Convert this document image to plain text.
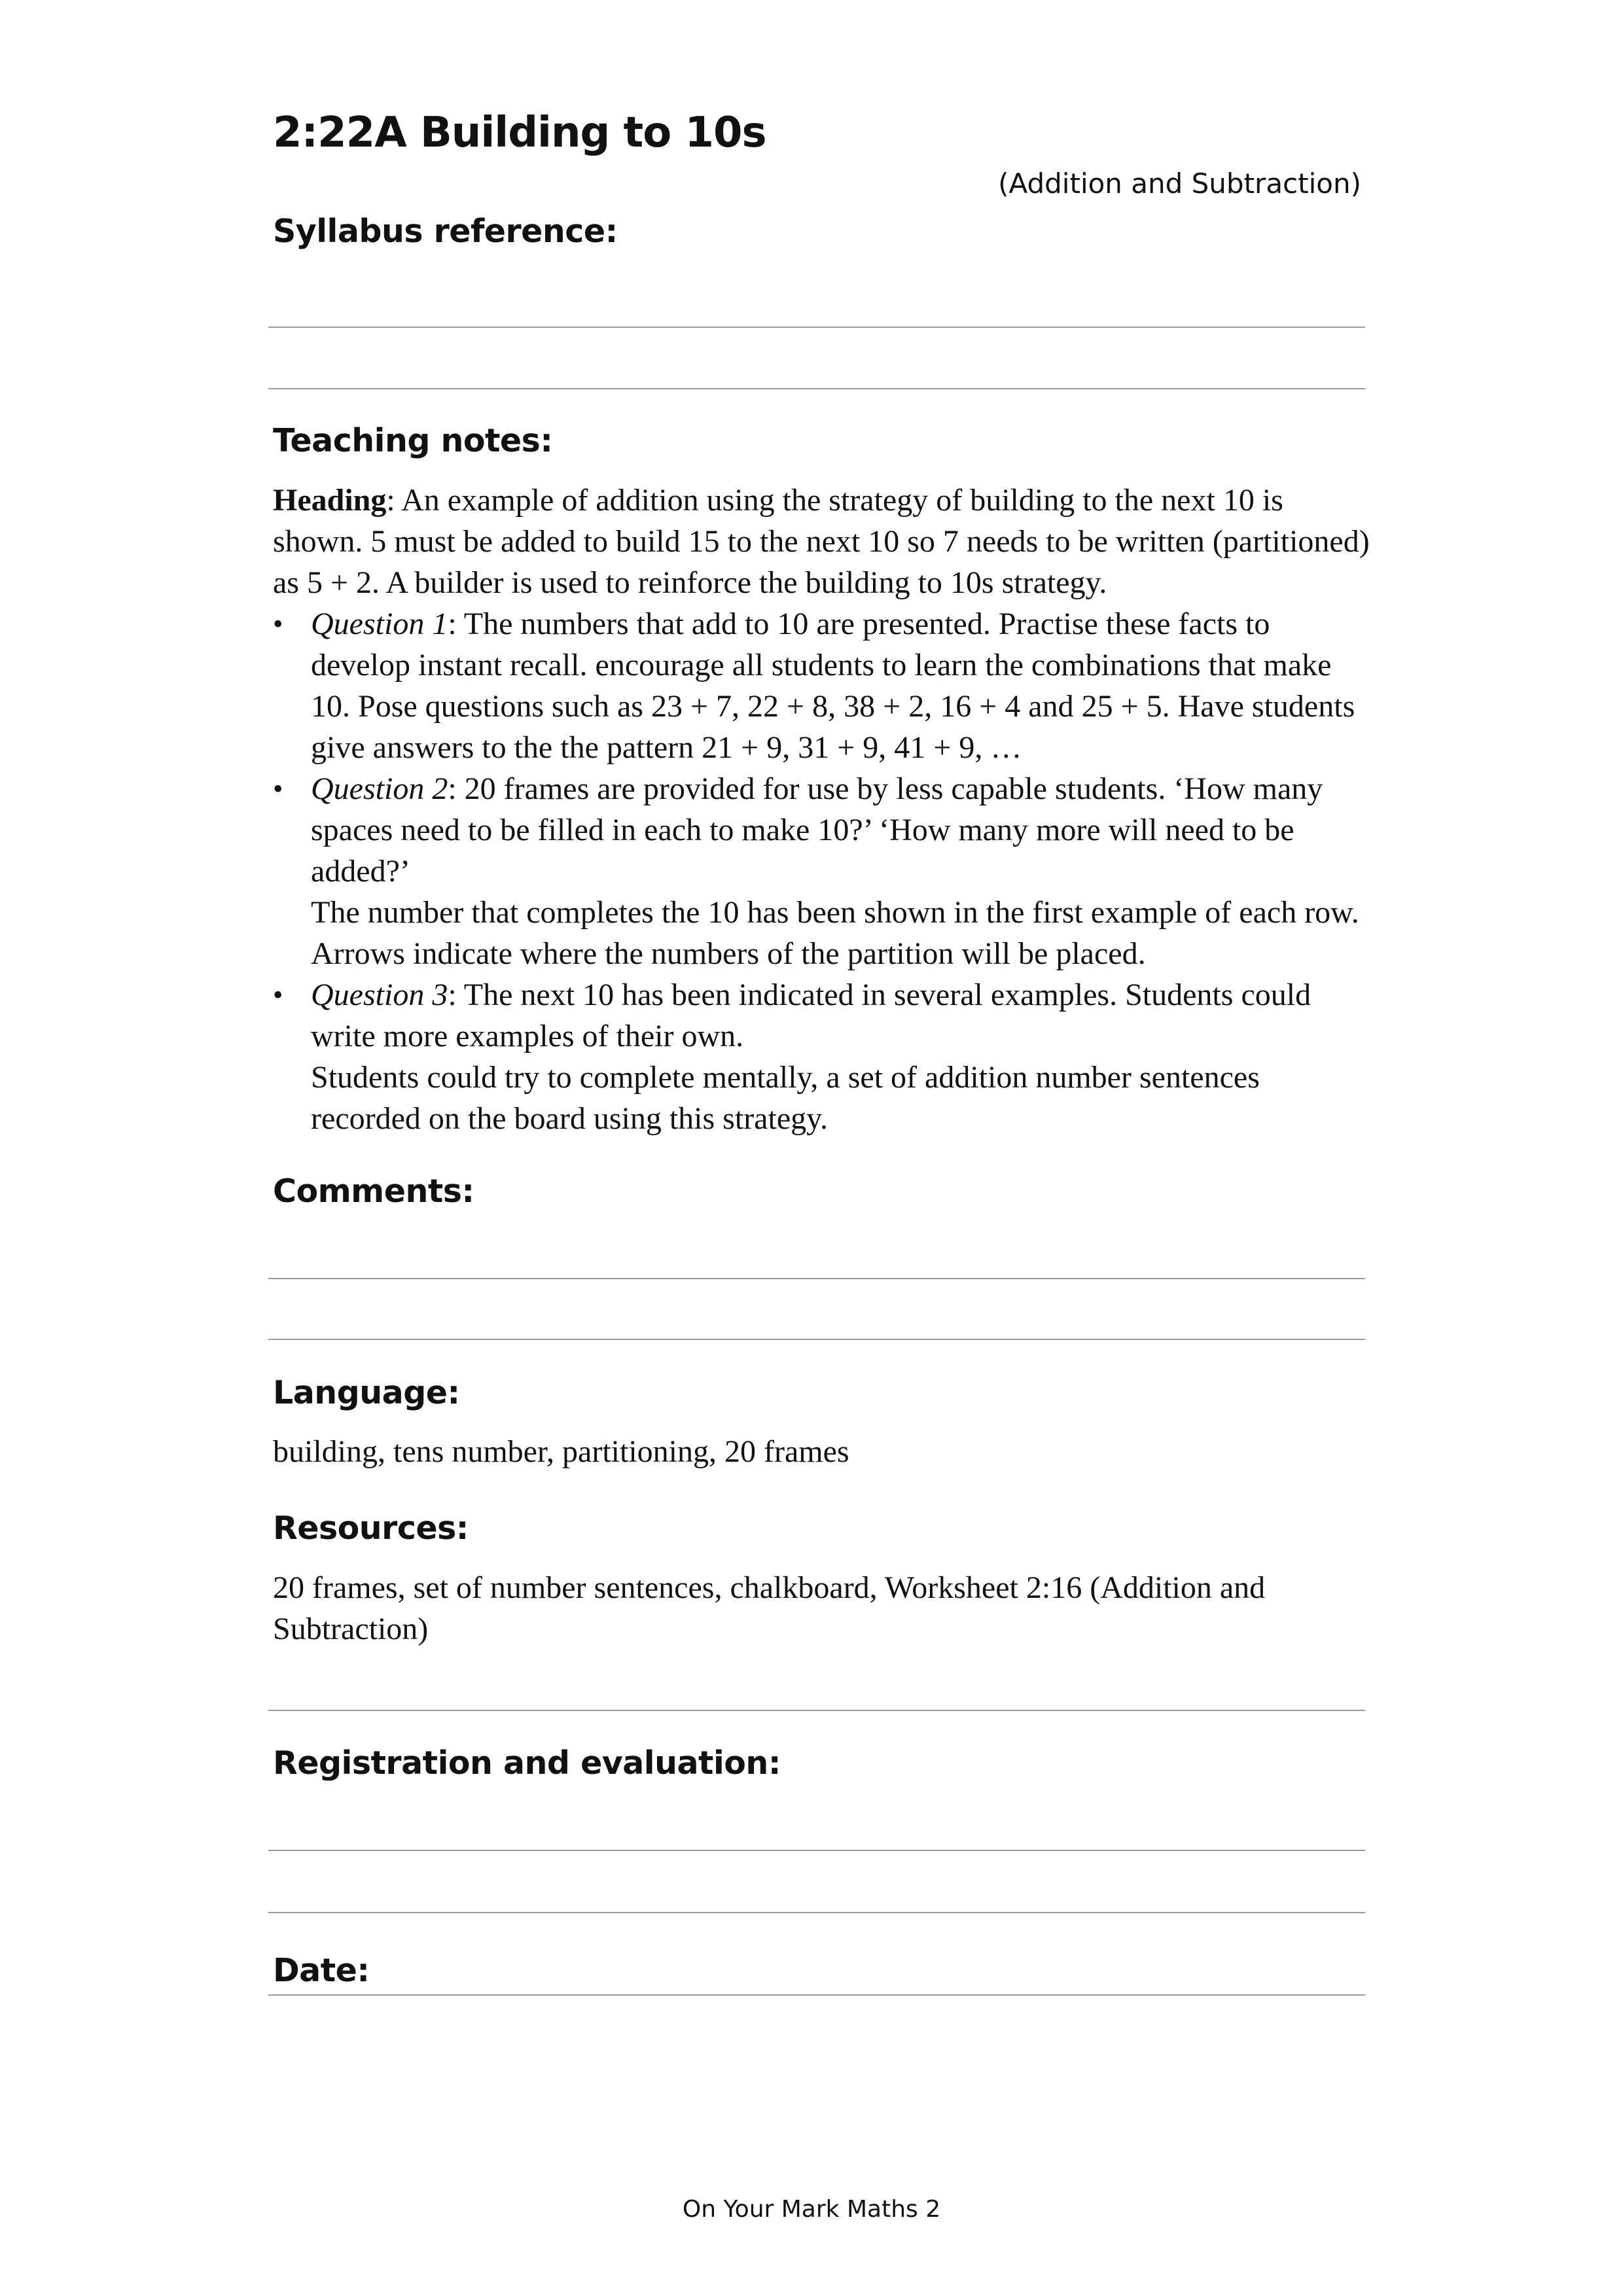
2:22A Building to 10s
(Addition and Subtraction)
Syllabus reference:
Teaching notes:

Heading: An example of addition using the strategy of building to the next 10 is shown. 5 must be added to build 15 to the next 10 so 7 needs to be written (partitioned) as 5 + 2. A builder is used to reinforce the building to 10s strategy.

• Question 1: The numbers that add to 10 are presented. Practise these facts to develop instant recall. encourage all students to learn the combinations that make 10. Pose questions such as 23 + 7, 22 + 8, 38 + 2, 16 + 4 and 25 + 5. Have students give answers to the the pattern 21 + 9, 31 + 9, 41 + 9, …

• Question 2: 20 frames are provided for use by less capable students. ‘How many spaces need to be filled in each to make 10?’ ‘How many more will need to be added?’

The number that completes the 10 has been shown in the first example of each row. Arrows indicate where the numbers of the partition will be placed.

• Question 3: The next 10 has been indicated in several examples. Students could write more examples of their own.

Students could try to complete mentally, a set of addition number sentences recorded on the board using this strategy.

Comments:
Language:
building, tens number, partitioning, 20 frames
Resources:
20 frames, set of number sentences, chalkboard, Worksheet 2:16 (Addition and Subtraction)
Registration and evaluation:
Date:
On Your Mark Maths 2
